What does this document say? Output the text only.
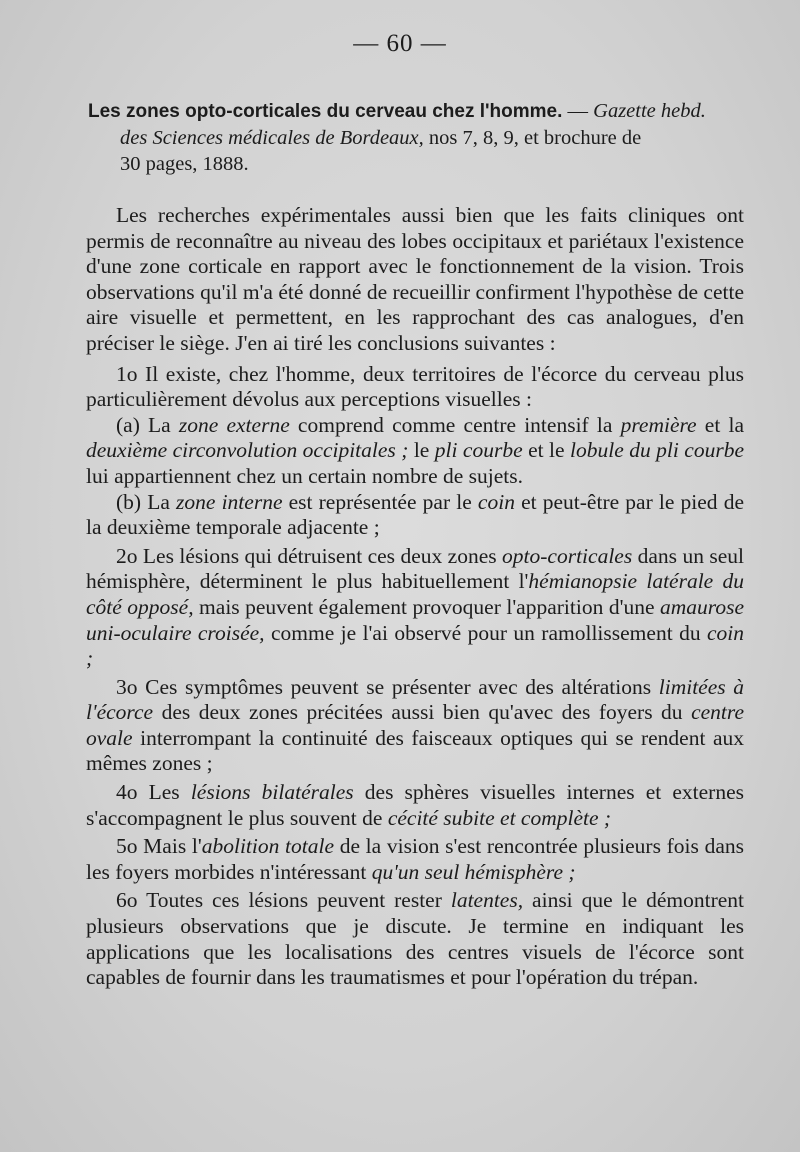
— 60 —
Les zones opto-corticales du cerveau chez l'homme. — Gazette hebd.
des Sciences médicales de Bordeaux, nos 7, 8, 9, et brochure de
30 pages, 1888.

Les recherches expérimentales aussi bien que les faits cliniques ont permis de reconnaître au niveau des lobes occipitaux et pariétaux l'existence d'une zone corticale en rapport avec le fonctionnement de la vision. Trois observations qu'il m'a été donné de recueillir confirment l'hypothèse de cette aire visuelle et permettent, en les rapprochant des cas analogues, d'en préciser le siège. J'en ai tiré les conclusions suivantes :

1o Il existe, chez l'homme, deux territoires de l'écorce du cerveau plus particulièrement dévolus aux perceptions visuelles :

(a) La zone externe comprend comme centre intensif la première et la deuxième circonvolution occipitales ; le pli courbe et le lobule du pli courbe lui appartiennent chez un certain nombre de sujets.

(b) La zone interne est représentée par le coin et peut-être par le pied de la deuxième temporale adjacente ;

2o Les lésions qui détruisent ces deux zones opto-corticales dans un seul hémisphère, déterminent le plus habituellement l'hémianopsie latérale du côté opposé, mais peuvent également provoquer l'apparition d'une amaurose uni-oculaire croisée, comme je l'ai observé pour un ramollissement du coin ;

3o Ces symptômes peuvent se présenter avec des altérations limitées à l'écorce des deux zones précitées aussi bien qu'avec des foyers du centre ovale interrompant la continuité des faisceaux optiques qui se rendent aux mêmes zones ;

4o Les lésions bilatérales des sphères visuelles internes et externes s'accompagnent le plus souvent de cécité subite et complète ;

5o Mais l'abolition totale de la vision s'est rencontrée plusieurs fois dans les foyers morbides n'intéressant qu'un seul hémisphère ;

6o Toutes ces lésions peuvent rester latentes, ainsi que le démontrent plusieurs observations que je discute. Je termine en indiquant les applications que les localisations des centres visuels de l'écorce sont capables de fournir dans les traumatismes et pour l'opération du trépan.
